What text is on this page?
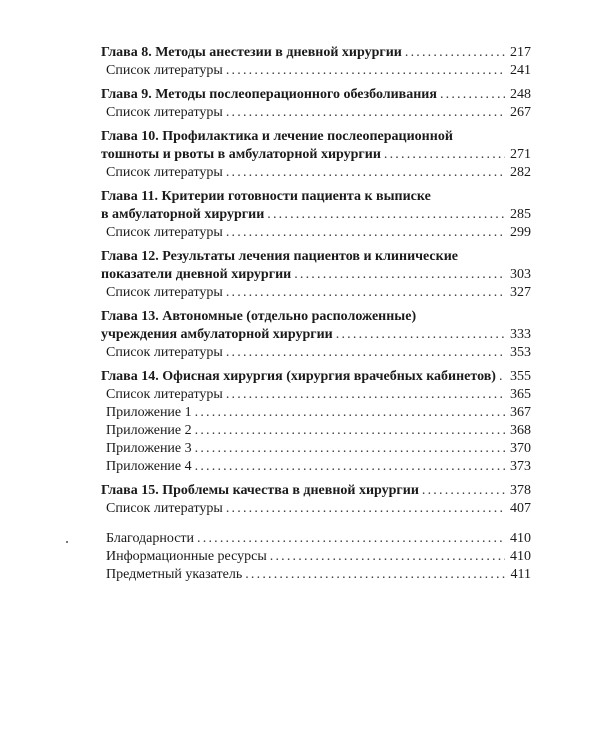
Глава 8. Методы анестезии в дневной хирургии .....	217
Список литературы .....	241
Глава 9. Методы послеоперационного обезболивания .....	248
Список литературы .....	267
Глава 10. Профилактика и лечение послеоперационной
тошноты и рвоты в амбулаторной хирургии .....	271
Список литературы .....	282
Глава 11. Критерии готовности пациента к выписке
в амбулаторной хирургии .....	285
Список литературы .....	299
Глава 12. Результаты лечения пациентов и клинические
показатели дневной хирургии .....	303
Список литературы .....	327
Глава 13. Автономные (отдельно расположенные)
учреждения амбулаторной хирургии .....	333
Список литературы .....	353
Глава 14. Офисная хирургия (хирургия врачебных кабинетов) ..... 355
Список литературы .....	365
Приложение 1 .....	367
Приложение 2 .....	368
Приложение 3 .....	370
Приложение 4 .....	373
Глава 15. Проблемы качества в дневной хирургии .....	378
Список литературы .....	407
Благодарности .....	410
Информационные ресурсы .....	410
Предметный указатель .....	411
